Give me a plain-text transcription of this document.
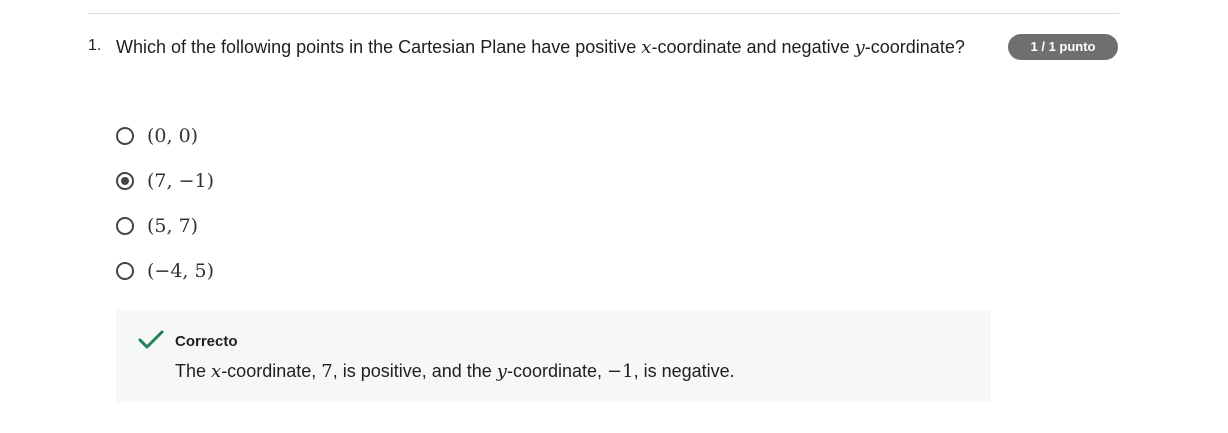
1. Which of the following points in the Cartesian Plane have positive x-coordinate and negative y-coordinate?	1 / 1 punto
(0, 0)
(7, −1)
(5, 7)
(−4, 5)
Correcto
The x-coordinate, 7, is positive, and the y-coordinate, −1, is negative.
